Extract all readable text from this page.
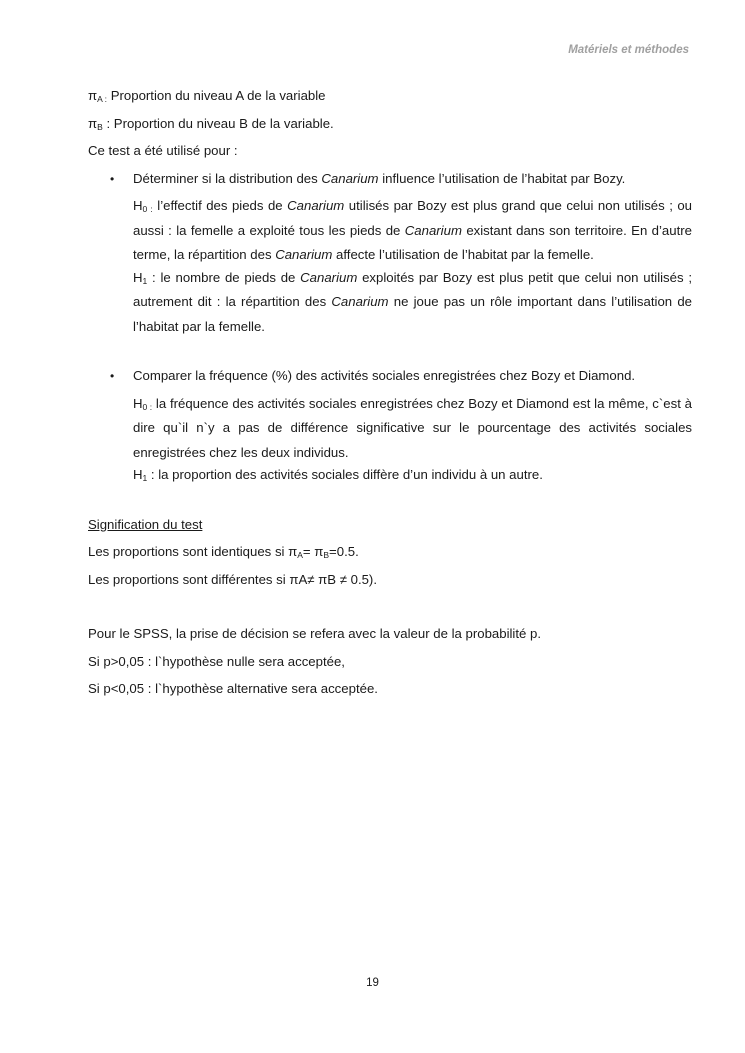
Matériels et méthodes
$\pi_{A :}$ Proportion du niveau A de la variable
$\pi_B$ : Proportion du niveau B de la variable.
Ce test a été utilisé pour :
• Déterminer si la distribution des Canarium influence l’utilisation de l’habitat par Bozy.
$H_{0 :}$ l’effectif des pieds de Canarium utilisés par Bozy est plus grand que celui non utilisés ; ou aussi : la femelle a exploité tous les pieds de Canarium existant dans son territoire. En d’autre terme, la répartition des Canarium affecte l’utilisation de l’habitat par la femelle.
$H_1$ : le nombre de pieds de Canarium exploités par Bozy est plus petit que celui non utilisés ; autrement dit : la répartition des Canarium ne joue pas un rôle important dans l’utilisation de l’habitat par la femelle.
• Comparer la fréquence (%) des activités sociales enregistrées chez Bozy et Diamond.
$H_{0 :}$ la fréquence des activités sociales enregistrées chez Bozy et Diamond est la même, c`est à dire qu`il n`y a pas de différence significative sur le pourcentage des activités sociales enregistrées chez les deux individus.
$H_1$ : la proportion des activités sociales diffère d’un individu à un autre.
Signification du test
Les proportions sont identiques si $\pi_A= \pi_B=0.5$.
Les proportions sont différentes si πA≠ πB ≠ 0.5).
Pour le SPSS, la prise de décision se refera avec la valeur de la probabilité p.
Si p>0,05 : l`hypothèse nulle sera acceptée,
Si p<0,05 : l`hypothèse alternative sera acceptée.
19
